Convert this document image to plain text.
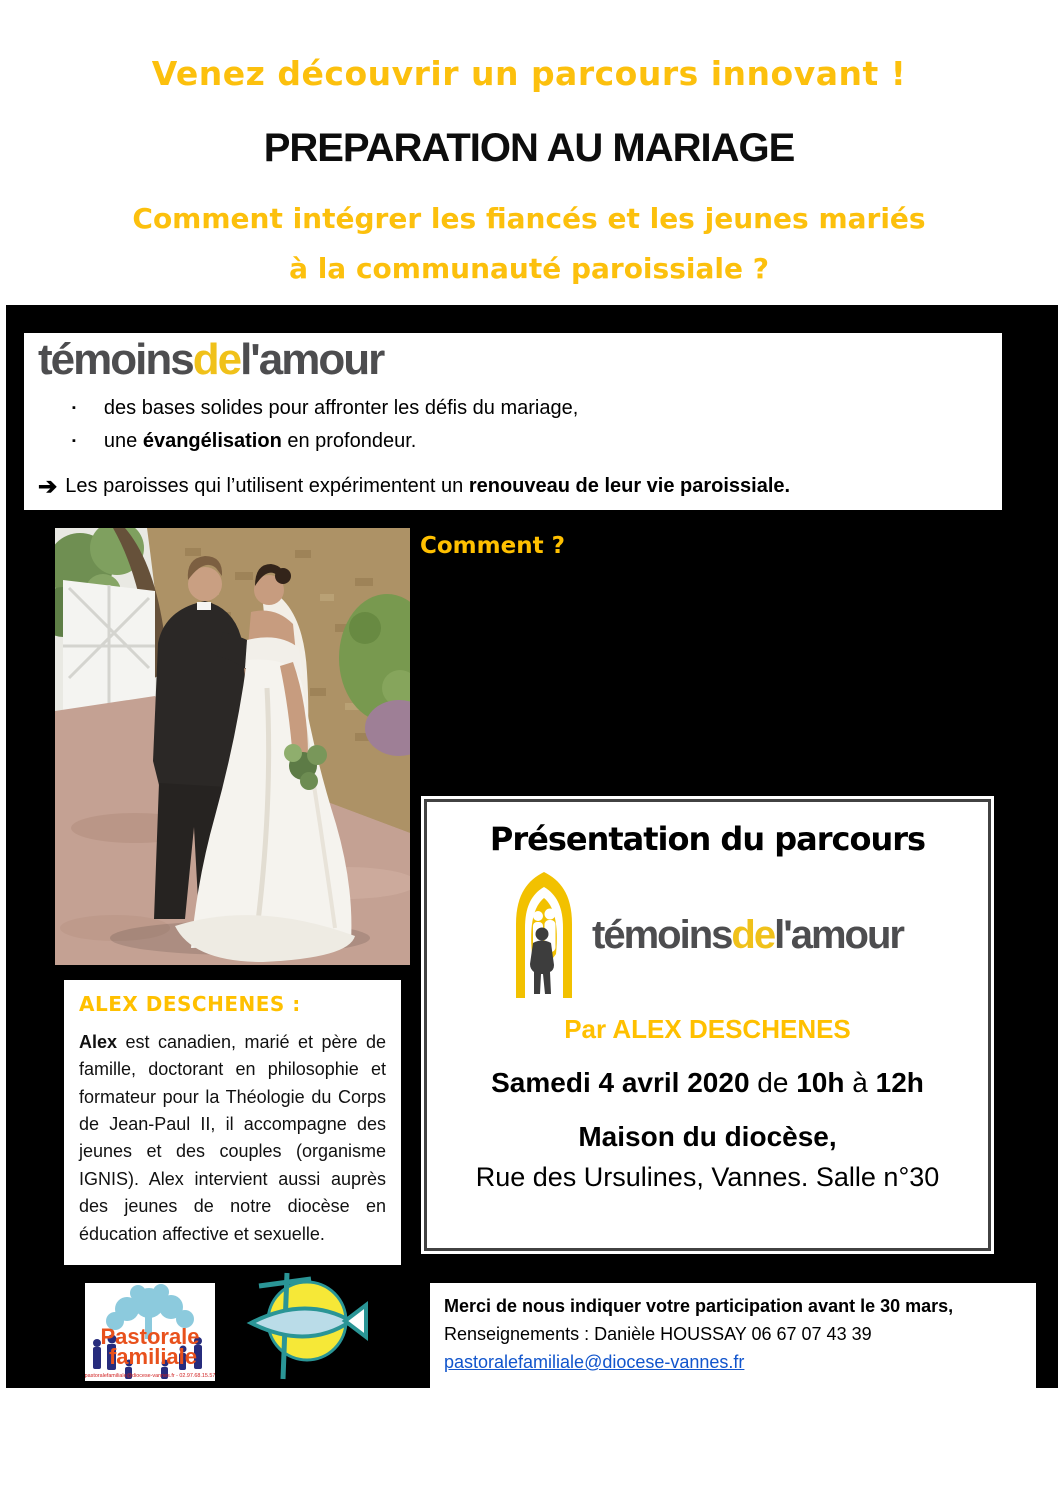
Venez découvrir un parcours innovant !
PREPARATION AU MARIAGE
Comment intégrer les fiancés et les jeunes mariés
à la communauté paroissiale ?
témoinsdel'amour
▪ des bases solides pour affronter les défis du mariage,
▪ une évangélisation en profondeur.
➔ Les paroisses qui l’utilisent expérimentent un renouveau de leur vie paroissiale.
Comment ?
Présentation du parcours
témoinsdel'amour
Par ALEX DESCHENES
Samedi 4 avril 2020 de 10h à 12h
Maison du diocèse,
Rue des Ursulines, Vannes. Salle n°30
ALEX DESCHENES :
Alex est canadien, marié et père de famille, doctorant en philosophie et formateur pour la Théologie du Corps de Jean-Paul II, il accompagne des jeunes et des couples (organisme IGNIS). Alex intervient aussi auprès des jeunes de notre diocèse en éducation affective et sexuelle.
Pastorale
familiale
pastoralefamiliale@diocese-vannes.fr - 02.97.68.15.57
Merci de nous indiquer votre participation avant le 30 mars,
Renseignements : Danièle HOUSSAY 06 67 07 43 39
pastoralefamiliale@diocese-vannes.fr
